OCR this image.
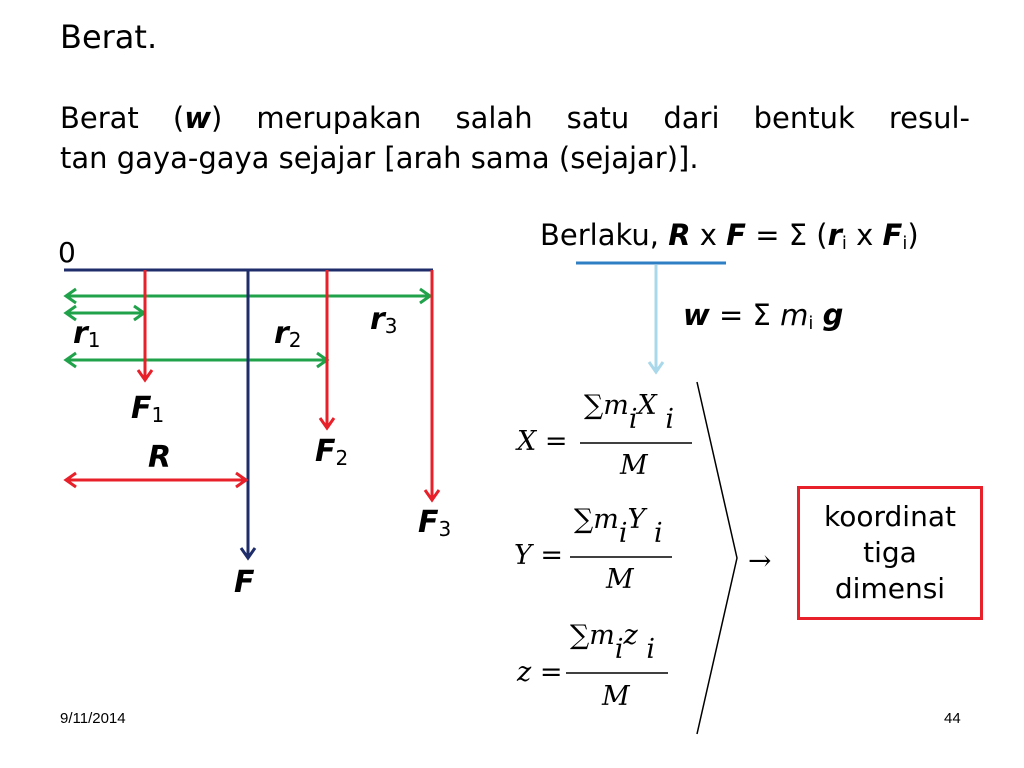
Berat.
Berat (w) merupakan salah satu dari bentuk resul-
tan gaya-gaya sejajar [arah sama (sejajar)].
0
$r_1$	$r_2$
$r_3$
$F_1$
$F_2$
$F_3$
R
F
Berlaku, R x F = Σ ($r_i$ x $F_i$)
w = Σ $m_i$ g
X =
∑miX i
M
Y =
∑miY i
M
z =
∑miz i
M
→
koordinat
tiga
dimensi
9/11/2014	44
